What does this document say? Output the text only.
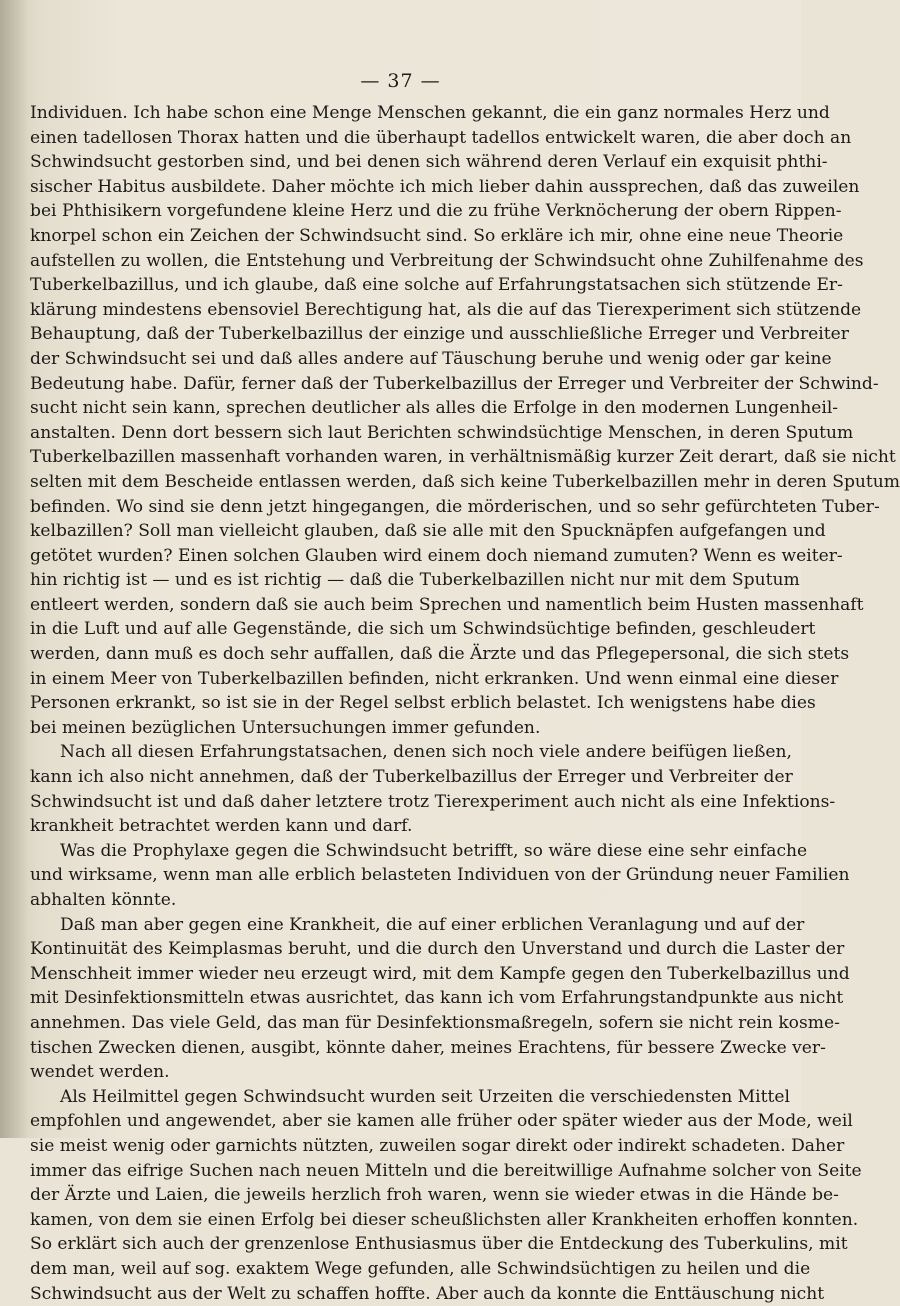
— 37 —

Individuen. Ich habe schon eine Menge Menschen gekannt, die ein ganz normales Herz und
einen tadellosen Thorax hatten und die überhaupt tadellos entwickelt waren, die aber doch an
Schwindsucht gestorben sind, und bei denen sich während deren Verlauf ein exquisit phthi-
sischer Habitus ausbildete. Daher möchte ich mich lieber dahin aussprechen, daß das zuweilen
bei Phthisikern vorgefundene kleine Herz und die zu frühe Verknöcherung der obern Rippen-
knorpel schon ein Zeichen der Schwindsucht sind. So erkläre ich mir, ohne eine neue Theorie
aufstellen zu wollen, die Entstehung und Verbreitung der Schwindsucht ohne Zuhilfenahme des
Tuberkelbazillus, und ich glaube, daß eine solche auf Erfahrungstatsachen sich stützende Er-
klärung mindestens ebensoviel Berechtigung hat, als die auf das Tierexperiment sich stützende
Behauptung, daß der Tuberkelbazillus der einzige und ausschließliche Erreger und Verbreiter
der Schwindsucht sei und daß alles andere auf Täuschung beruhe und wenig oder gar keine
Bedeutung habe. Dafür, ferner daß der Tuberkelbazillus der Erreger und Verbreiter der Schwind-
sucht nicht sein kann, sprechen deutlicher als alles die Erfolge in den modernen Lungenheil-
anstalten. Denn dort bessern sich laut Berichten schwindsüchtige Menschen, in deren Sputum
Tuberkelbazillen massenhaft vorhanden waren, in verhältnismäßig kurzer Zeit derart, daß sie nicht
selten mit dem Bescheide entlassen werden, daß sich keine Tuberkelbazillen mehr in deren Sputum
befinden. Wo sind sie denn jetzt hingegangen, die mörderischen, und so sehr gefürchteten Tuber-
kelbazillen? Soll man vielleicht glauben, daß sie alle mit den Spucknäpfen aufgefangen und
getötet wurden? Einen solchen Glauben wird einem doch niemand zumuten? Wenn es weiter-
hin richtig ist — und es ist richtig — daß die Tuberkelbazillen nicht nur mit dem Sputum
entleert werden, sondern daß sie auch beim Sprechen und namentlich beim Husten massenhaft
in die Luft und auf alle Gegenstände, die sich um Schwindsüchtige befinden, geschleudert
werden, dann muß es doch sehr auffallen, daß die Ärzte und das Pflegepersonal, die sich stets
in einem Meer von Tuberkelbazillen befinden, nicht erkranken. Und wenn einmal eine dieser
Personen erkrankt, so ist sie in der Regel selbst erblich belastet. Ich wenigstens habe dies
bei meinen bezüglichen Untersuchungen immer gefunden.

Nach all diesen Erfahrungstatsachen, denen sich noch viele andere beifügen ließen,
kann ich also nicht annehmen, daß der Tuberkelbazillus der Erreger und Verbreiter der
Schwindsucht ist und daß daher letztere trotz Tierexperiment auch nicht als eine Infektions-
krankheit betrachtet werden kann und darf.

Was die Prophylaxe gegen die Schwindsucht betrifft, so wäre diese eine sehr einfache
und wirksame, wenn man alle erblich belasteten Individuen von der Gründung neuer Familien
abhalten könnte.

Daß man aber gegen eine Krankheit, die auf einer erblichen Veranlagung und auf der
Kontinuität des Keimplasmas beruht, und die durch den Unverstand und durch die Laster der
Menschheit immer wieder neu erzeugt wird, mit dem Kampfe gegen den Tuberkelbazillus und
mit Desinfektionsmitteln etwas ausrichtet, das kann ich vom Erfahrungstandpunkte aus nicht
annehmen. Das viele Geld, das man für Desinfektionsmaßregeln, sofern sie nicht rein kosme-
tischen Zwecken dienen, ausgibt, könnte daher, meines Erachtens, für bessere Zwecke ver-
wendet werden.

Als Heilmittel gegen Schwindsucht wurden seit Urzeiten die verschiedensten Mittel
empfohlen und angewendet, aber sie kamen alle früher oder später wieder aus der Mode, weil
sie meist wenig oder garnichts nützten, zuweilen sogar direkt oder indirekt schadeten. Daher
immer das eifrige Suchen nach neuen Mitteln und die bereitwillige Aufnahme solcher von Seite
der Ärzte und Laien, die jeweils herzlich froh waren, wenn sie wieder etwas in die Hände be-
kamen, von dem sie einen Erfolg bei dieser scheußlichsten aller Krankheiten erhoffen konnten.
So erklärt sich auch der grenzenlose Enthusiasmus über die Entdeckung des Tuberkulins, mit
dem man, weil auf sog. exaktem Wege gefunden, alle Schwindsüchtigen zu heilen und die
Schwindsucht aus der Welt zu schaffen hoffte. Aber auch da konnte die Enttäuschung nicht
